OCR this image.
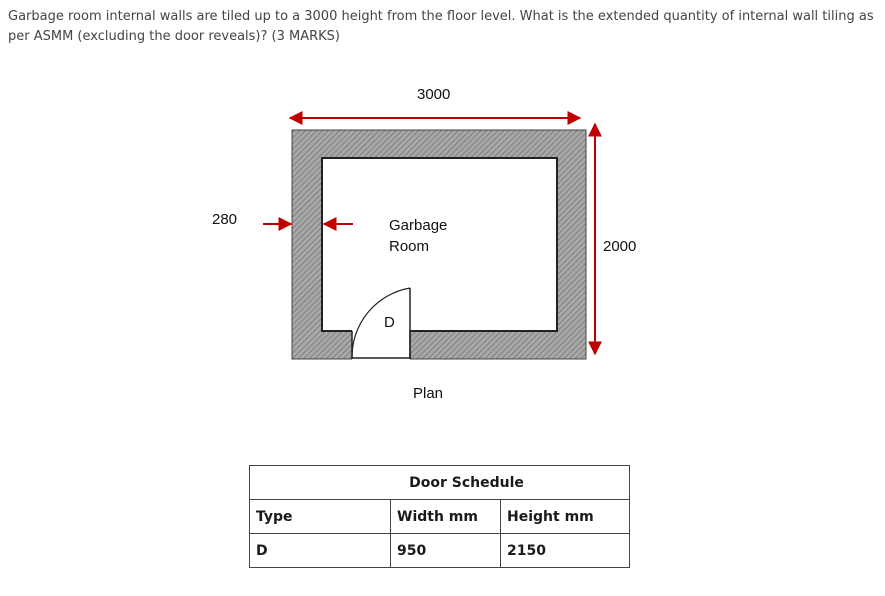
Garbage room internal walls are tiled up to a 3000 height from the floor level. What is the extended quantity of internal wall tiling as per ASMM (excluding the door reveals)? (3 MARKS)
3000
2000
280	Garbage
Room
D
Plan
Door Schedule		
Type	Width mm	Height mm
D	950	2150
